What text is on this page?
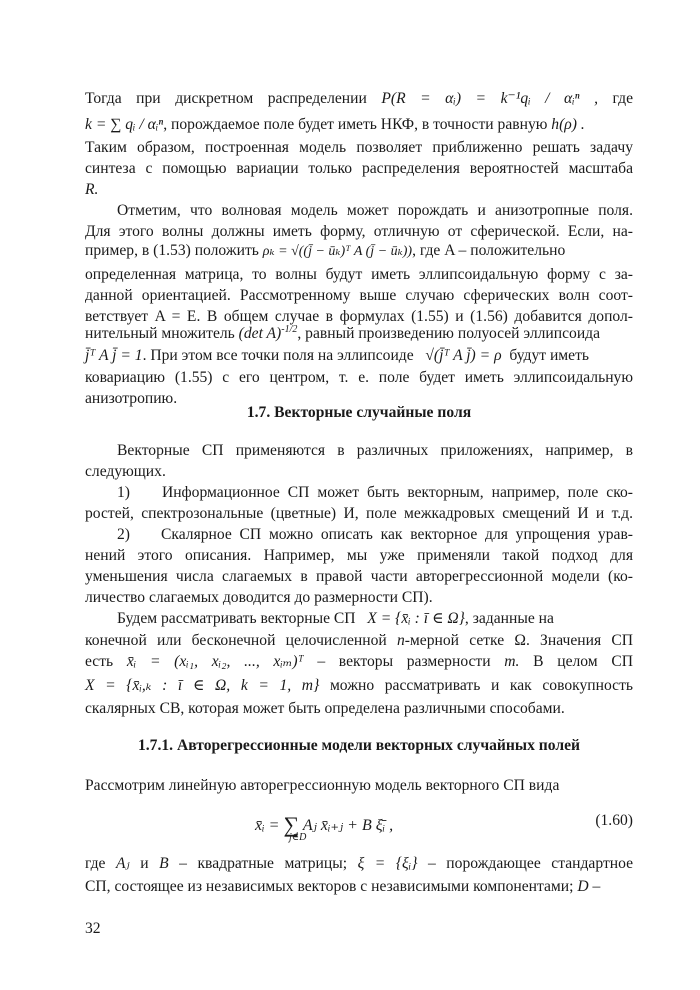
Тогда при дискретном распределении P(R = αᵢ) = k⁻¹qᵢ / αᵢⁿ , где
k = ∑ qᵢ / αᵢⁿ, порождаемое поле будет иметь НКФ, в точности равную h(ρ) .
Таким образом, построенная модель позволяет приближенно решать задачу
синтеза с помощью вариации только распределения вероятностей масштаба
R.
Отметим, что волновая модель может порождать и анизотропные поля.
Для этого волны должны иметь форму, отличную от сферической. Если, на-
пример, в (1.53) положить ρₖ = √((j̄ − ūₖ)ᵀ A (j̄ − ūₖ)), где A – положительно
определенная матрица, то волны будут иметь эллипсоидальную форму с за-
данной ориентацией. Рассмотренному выше случаю сферических волн соот-
ветствует A = E. В общем случае в формулах (1.55) и (1.56) добавится допол-
нительный множитель (det A)$^{-1/2}$, равный произведению полуосей эллипсоида
j̄ᵀ A j̄ = 1. При этом все точки поля на эллипсоиде √(j̄ᵀ A j̄) = ρ будут иметь
ковариацию (1.55) с его центром, т. е. поле будет иметь эллипсоидальную
анизотропию.
1.7. Векторные случайные поля
Векторные СП применяются в различных приложениях, например, в
следующих.
1) Информационное СП может быть векторным, например, поле ско-
ростей, спектрозональные (цветные) И, поле межкадровых смещений И и т.д.
2) Скалярное СП можно описать как векторное для упрощения урав-
нений этого описания. Например, мы уже применяли такой подход для
уменьшения числа слагаемых в правой части авторегрессионной модели (ко-
личество слагаемых доводится до размерности СП).
Будем рассматривать векторные СП X = {x̄ᵢ : ī ∈ Ω}, заданные на
конечной или бесконечной целочисленной n-мерной сетке Ω. Значения СП
есть x̄ᵢ = (xᵢ₁, xᵢ₂, ..., xᵢₘ)ᵀ – векторы размерности m. В целом СП
X = {x̄ᵢ,ₖ : ī ∈ Ω, k = 1, m} можно рассматривать и как совокупность
скалярных СВ, которая может быть определена различными способами.
1.7.1. Авторегрессионные модели векторных случайных полей
Рассмотрим линейную авторегрессионную модель векторного СП вида
x̄ᵢ = ∑ Aⱼ x̄ᵢ₊ⱼ + B ξ̄ᵢ ,
j∈D
(1.60)
где Aⱼ и B – квадратные матрицы; ξ = {ξᵢ} – порождающее стандартное
СП, состоящее из независимых векторов с независимыми компонентами; D –
32
